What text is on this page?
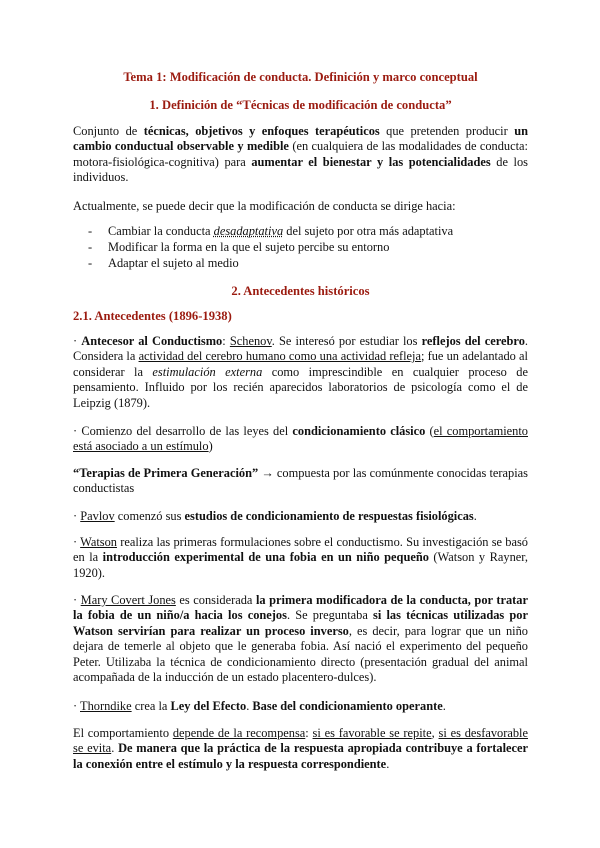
Tema 1: Modificación de conducta. Definición y marco conceptual

1. Definición de “Técnicas de modificación de conducta”

Conjunto de técnicas, objetivos y enfoques terapéuticos que pretenden producir un cambio conductual observable y medible (en cualquiera de las modalidades de conducta: motora-fisiológica-cognitiva) para aumentar el bienestar y las potencialidades de los individuos.

Actualmente, se puede decir que la modificación de conducta se dirige hacia:

- Cambiar la conducta desadaptativa del sujeto por otra más adaptativa

- Modificar la forma en la que el sujeto percibe su entorno

- Adaptar el sujeto al medio

2. Antecedentes históricos

2.1. Antecedentes (1896-1938)

· Antecesor al Conductismo: Schenov. Se interesó por estudiar los reflejos del cerebro. Considera la actividad del cerebro humano como una actividad refleja; fue un adelantado al considerar la estimulación externa como imprescindible en cualquier proceso de pensamiento. Influido por los recién aparecidos laboratorios de psicología como el de Leipzig (1879).

· Comienzo del desarrollo de las leyes del condicionamiento clásico (el comportamiento está asociado a un estímulo)

“Terapias de Primera Generación” → compuesta por las comúnmente conocidas terapias conductistas

· Pavlov comenzó sus estudios de condicionamiento de respuestas fisiológicas.

· Watson realiza las primeras formulaciones sobre el conductismo. Su investigación se basó en la introducción experimental de una fobia en un niño pequeño (Watson y Rayner, 1920).

· Mary Covert Jones es considerada la primera modificadora de la conducta, por tratar la fobia de un niño/a hacia los conejos. Se preguntaba si las técnicas utilizadas por Watson servirían para realizar un proceso inverso, es decir, para lograr que un niño dejara de temerle al objeto que le generaba fobia. Así nació el experimento del pequeño Peter. Utilizaba la técnica de condicionamiento directo (presentación gradual del animal acompañada de la inducción de un estado placentero-dulces).

· Thorndike crea la Ley del Efecto. Base del condicionamiento operante.

El comportamiento depende de la recompensa: si es favorable se repite, si es desfavorable se evita. De manera que la práctica de la respuesta apropiada contribuye a fortalecer la conexión entre el estímulo y la respuesta correspondiente.
